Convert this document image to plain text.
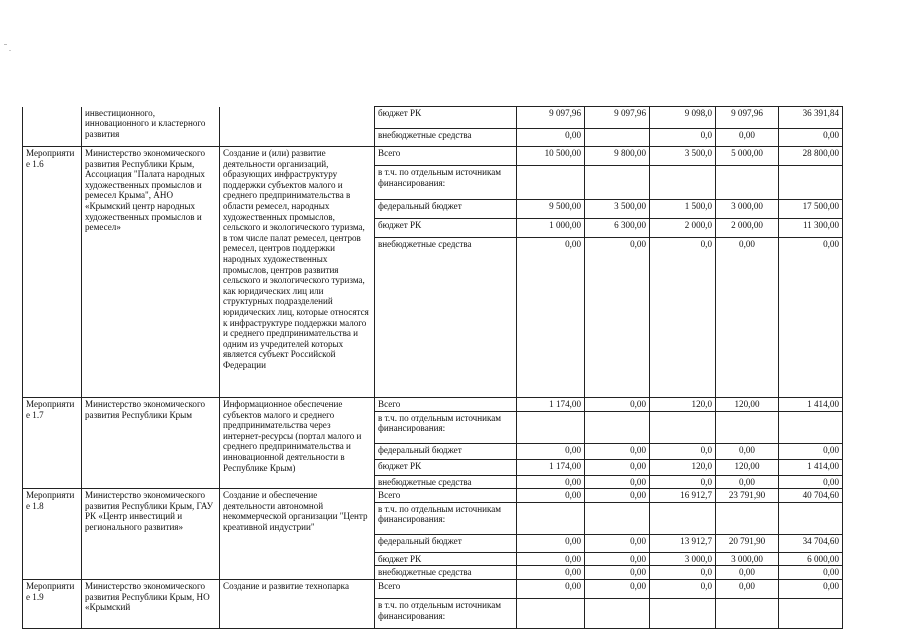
	инвестиционного, инновационного и кластерного развития		бюджет РК	9 097,96	9 097,96	9 098,0	9 097,96	36 391,84
			внебюджетные средства	0,00		0,0	0,00	0,00
Мероприятие 1.6	Министерство экономического развития Республики Крым, Ассоциация "Палата народных художественных промыслов и ремесел Крыма", АНО «Крымский центр народных художественных промыслов и ремесел»	Создание и (или) развитие деятельности организаций, образующих инфраструктуру поддержки субъектов малого и среднего предпринимательства в области ремесел, народных художественных промыслов, сельского и экологического туризма, в том числе палат ремесел, центров ремесел, центров поддержки народных художественных промыслов, центров развития сельского и экологического туризма, как юридических лиц или структурных подразделений юридических лиц, которые относятся к инфраструктуре поддержки малого и среднего предпринимательства и одним из учредителей которых является субъект Российской Федерации	Всего	10 500,00	9 800,00	3 500,0	5 000,00	28 800,00
			в т.ч. по отдельным источникам финансирования:					
			федеральный бюджет	9 500,00	3 500,00	1 500,0	3 000,00	17 500,00
			бюджет РК	1 000,00	6 300,00	2 000,0	2 000,00	11 300,00
			внебюджетные средства	0,00	0,00	0,0	0,00	0,00
Мероприятие 1.7	Министерство экономического развития Республики Крым	Информационное обеспечение субъектов малого и среднего предпринимательства через интернет-ресурсы (портал малого и среднего предпринимательства и инновационной деятельности в Республике Крым)	Всего	1 174,00	0,00	120,0	120,00	1 414,00
			в т.ч. по отдельным источникам финансирования:					
			федеральный бюджет	0,00	0,00	0,0	0,00	0,00
			бюджет РК	1 174,00	0,00	120,0	120,00	1 414,00
			внебюджетные средства	0,00	0,00	0,0	0,00	0,00
Мероприятие 1.8	Министерство экономического развития Республики Крым, ГАУ РК «Центр инвестиций и регионального развития»	Создание и обеспечение деятельности автономной некоммерческой организации "Центр креативной индустрии"	Всего	0,00	0,00	16 912,7	23 791,90	40 704,60
			в т.ч. по отдельным источникам финансирования:					
			федеральный бюджет	0,00	0,00	13 912,7	20 791,90	34 704,60
			бюджет РК	0,00	0,00	3 000,0	3 000,00	6 000,00
			внебюджетные средства	0,00	0,00	0,0	0,00	0,00
Мероприятие 1.9	Министерство экономического развития Республики Крым, НО «Крымский	Создание и развитие технопарка	Всего	0,00	0,00	0,0	0,00	0,00
			в т.ч. по отдельным источникам финансирования:					
